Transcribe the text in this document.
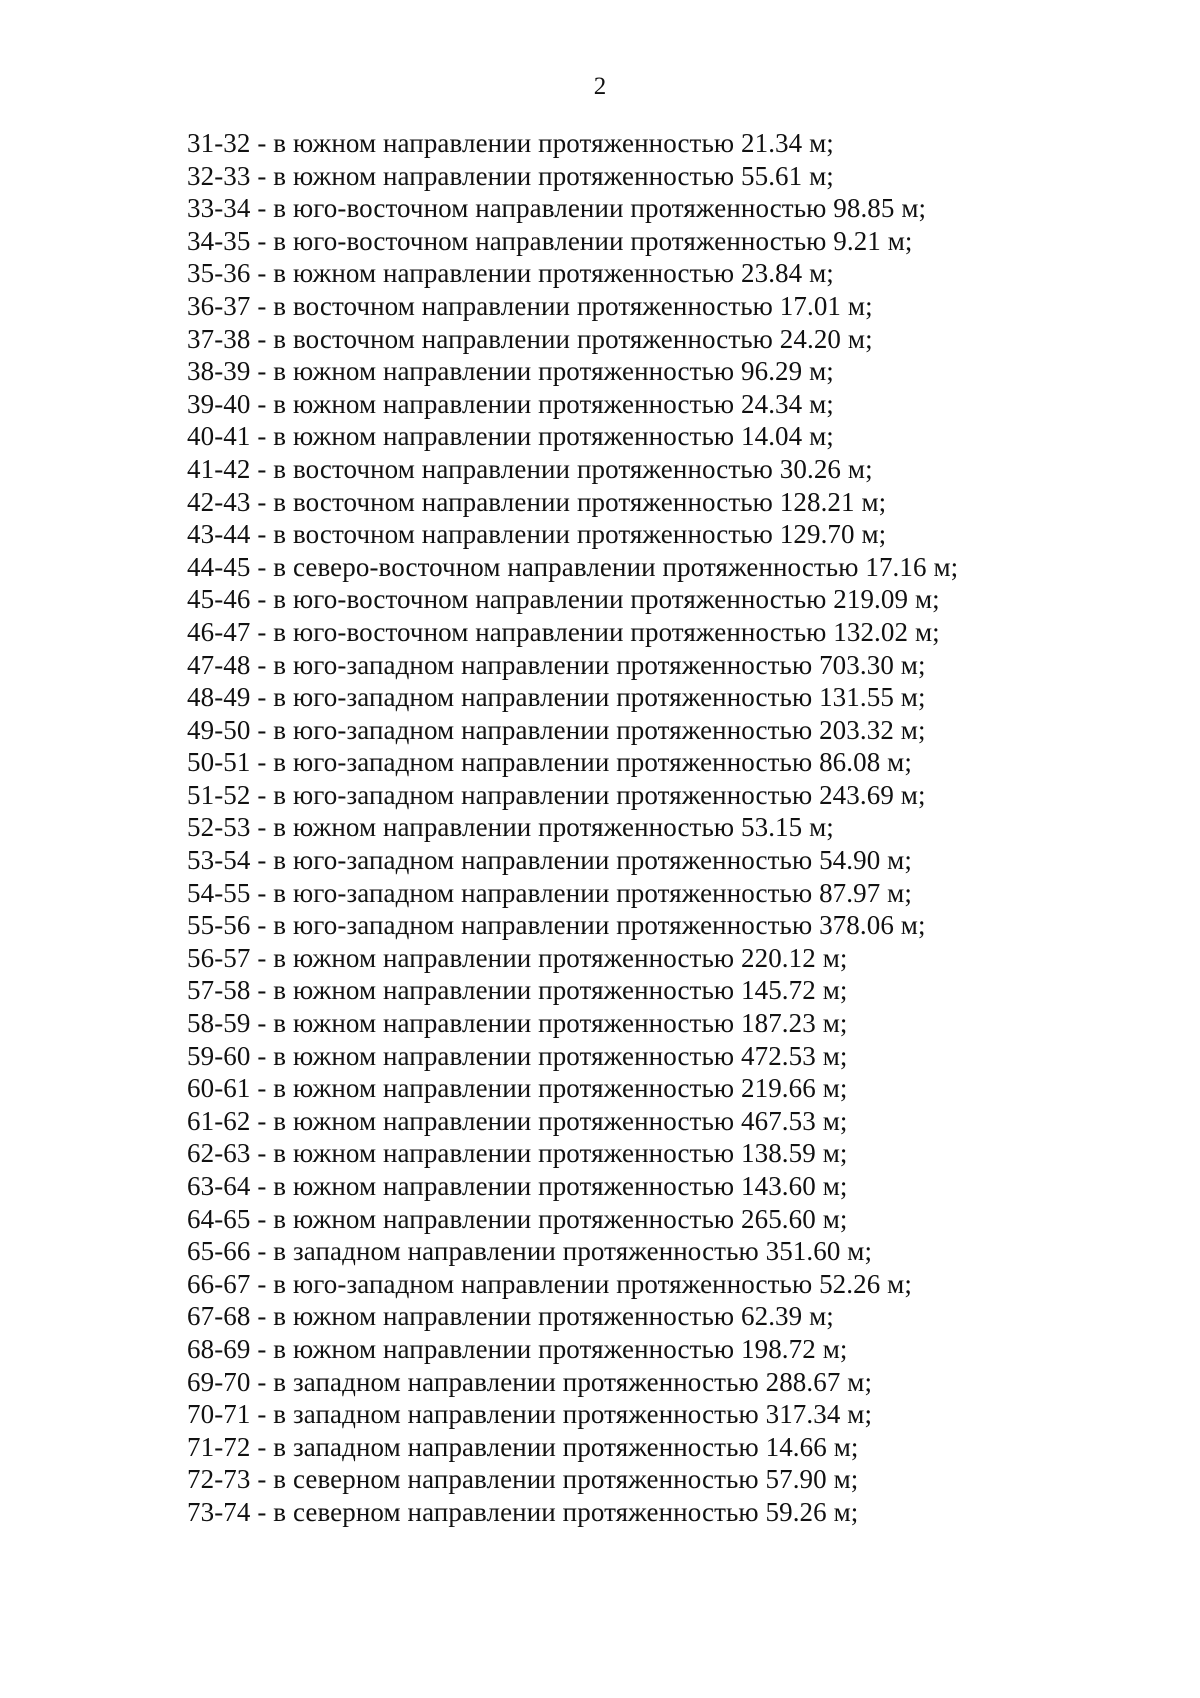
2
31-32 - в южном направлении протяженностью 21.34 м;
32-33 - в южном направлении протяженностью 55.61 м;
33-34 - в юго-восточном направлении протяженностью 98.85 м;
34-35 - в юго-восточном направлении протяженностью 9.21 м;
35-36 - в южном направлении протяженностью 23.84 м;
36-37 - в восточном направлении протяженностью 17.01 м;
37-38 - в восточном направлении протяженностью 24.20 м;
38-39 - в южном направлении протяженностью 96.29 м;
39-40 - в южном направлении протяженностью 24.34 м;
40-41 - в южном направлении протяженностью 14.04 м;
41-42 - в восточном направлении протяженностью 30.26 м;
42-43 - в восточном направлении протяженностью 128.21 м;
43-44 - в восточном направлении протяженностью 129.70 м;
44-45 - в северо-восточном направлении протяженностью 17.16 м;
45-46 - в юго-восточном направлении протяженностью 219.09 м;
46-47 - в юго-восточном направлении протяженностью 132.02 м;
47-48 - в юго-западном направлении протяженностью 703.30 м;
48-49 - в юго-западном направлении протяженностью 131.55 м;
49-50 - в юго-западном направлении протяженностью 203.32 м;
50-51 - в юго-западном направлении протяженностью 86.08 м;
51-52 - в юго-западном направлении протяженностью 243.69 м;
52-53 - в южном направлении протяженностью 53.15 м;
53-54 - в юго-западном направлении протяженностью 54.90 м;
54-55 - в юго-западном направлении протяженностью 87.97 м;
55-56 - в юго-западном направлении протяженностью 378.06 м;
56-57 - в южном направлении протяженностью 220.12 м;
57-58 - в южном направлении протяженностью 145.72 м;
58-59 - в южном направлении протяженностью 187.23 м;
59-60 - в южном направлении протяженностью 472.53 м;
60-61 - в южном направлении протяженностью 219.66 м;
61-62 - в южном направлении протяженностью 467.53 м;
62-63 - в южном направлении протяженностью 138.59 м;
63-64 - в южном направлении протяженностью 143.60 м;
64-65 - в южном направлении протяженностью 265.60 м;
65-66 - в западном направлении протяженностью 351.60 м;
66-67 - в юго-западном направлении протяженностью 52.26 м;
67-68 - в южном направлении протяженностью 62.39 м;
68-69 - в южном направлении протяженностью 198.72 м;
69-70 - в западном направлении протяженностью 288.67 м;
70-71 - в западном направлении протяженностью 317.34 м;
71-72 - в западном направлении протяженностью 14.66 м;
72-73 - в северном направлении протяженностью 57.90 м;
73-74 - в северном направлении протяженностью 59.26 м;
